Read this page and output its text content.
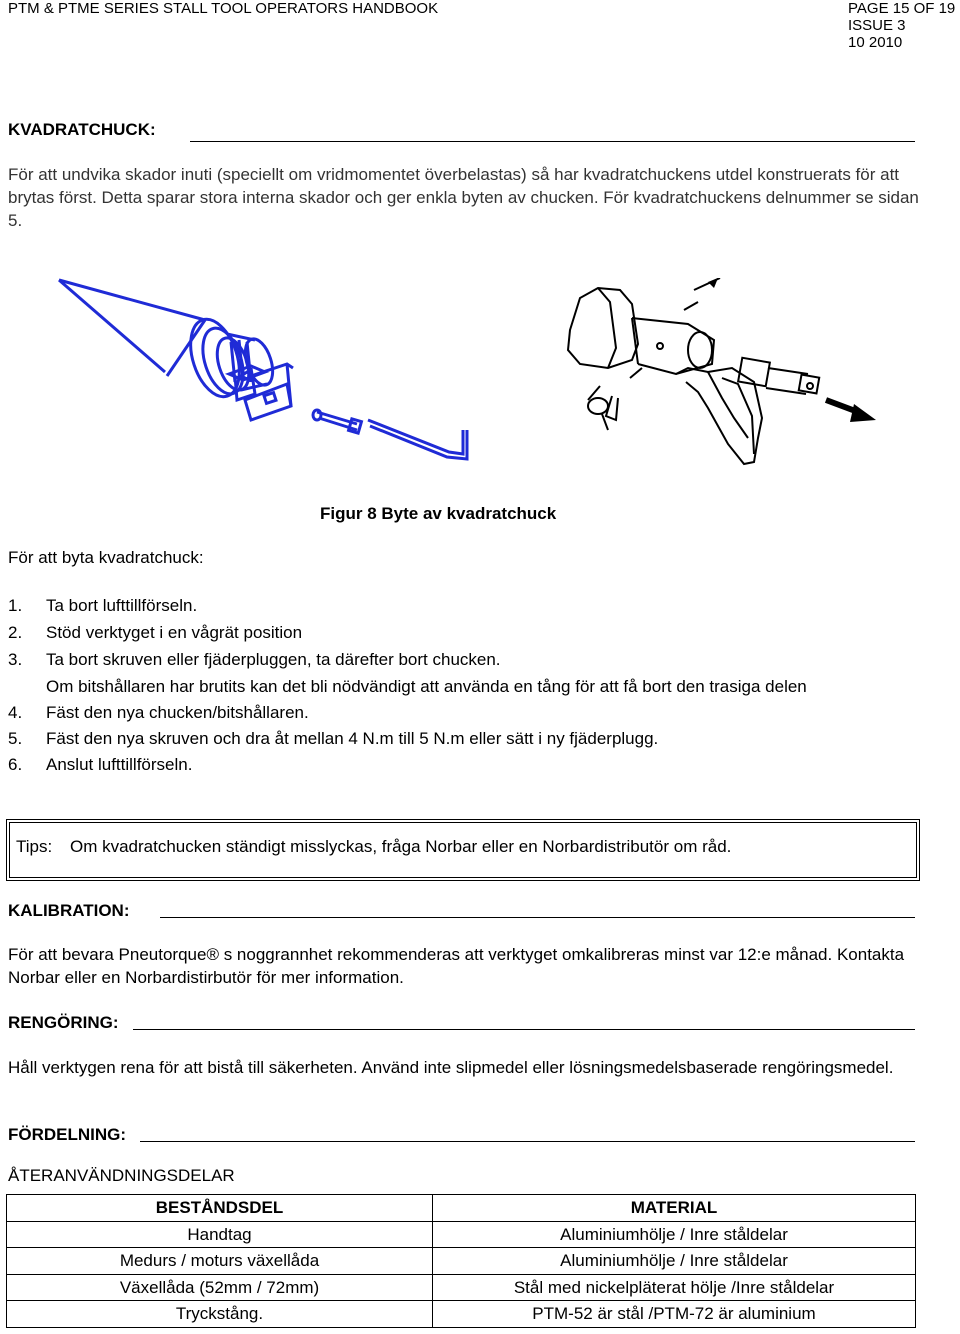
PTM & PTME SERIES STALL TOOL OPERATORS HANDBOOK	PAGE 15 OF 19
ISSUE 3
10 2010
KVADRATCHUCK:
För att undvika skador inuti (speciellt om vridmomentet överbelastas) så har kvadratchuckens utdel konstruerats för att brytas först. Detta sparar stora interna skador och ger enkla byten av chucken. För kvadratchuckens delnummer se sidan 5.
Figur 8 Byte av kvadratchuck
För att byta kvadratchuck:
1. Ta bort lufttillförseln.
2. Stöd verktyget i en vågrät position
3. Ta bort skruven eller fjäderpluggen, ta därefter bort chucken.
Om bitshållaren har brutits kan det bli nödvändigt att använda en tång för att få bort den trasiga delen
4. Fäst den nya chucken/bitshållaren.
5. Fäst den nya skruven och dra åt mellan 4 N.m till 5 N.m eller sätt i ny fjäderplugg.
6. Anslut lufttillförseln.
Tips: Om kvadratchucken ständigt misslyckas, fråga Norbar eller en Norbardistributör om råd.
KALIBRATION:
För att bevara Pneutorque® s noggrannhet rekommenderas att verktyget omkalibreras minst var 12:e månad. Kontakta Norbar eller en Norbardistirbutör för mer information.
RENGÖRING:
Håll verktygen rena för att bistå till säkerheten. Använd inte slipmedel eller lösningsmedelsbaserade rengöringsmedel.
FÖRDELNING:
ÅTERANVÄNDNINGSDELAR
BESTÅNDSDEL	MATERIAL
Handtag	Aluminiumhölje / Inre ståldelar
Medurs / moturs växellåda	Aluminiumhölje / Inre ståldelar
Växellåda (52mm / 72mm)	Stål med nickelpläterat hölje /Inre ståldelar
Tryckstång.	PTM-52 är stål /PTM-72 är aluminium
